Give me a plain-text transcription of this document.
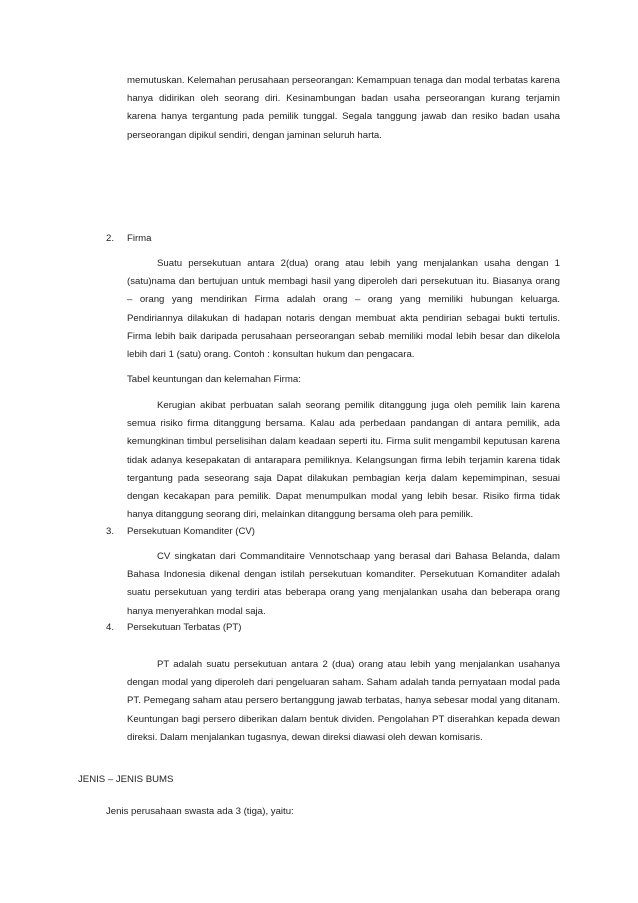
memutuskan. Kelemahan perusahaan perseorangan: Kemampuan tenaga dan modal terbatas karena hanya didirikan oleh seorang diri. Kesinambungan badan usaha perseorangan kurang terjamin karena hanya tergantung pada pemilik tunggal. Segala tanggung jawab dan resiko badan usaha perseorangan dipikul sendiri, dengan jaminan seluruh harta.

2. Firma

Suatu persekutuan antara 2(dua) orang atau lebih yang menjalankan usaha dengan 1 (satu)nama dan bertujuan untuk membagi hasil yang diperoleh dari persekutuan itu. Biasanya orang – orang yang mendirikan Firma adalah orang – orang yang memiliki hubungan keluarga. Pendiriannya dilakukan di hadapan notaris dengan membuat akta pendirian sebagai bukti tertulis. Firma lebih baik daripada perusahaan perseorangan sebab memiliki modal lebih besar dan dikelola lebih dari 1 (satu) orang. Contoh : konsultan hukum dan pengacara.

Tabel keuntungan dan kelemahan Firma:

Kerugian akibat perbuatan salah seorang pemilik ditanggung juga oleh pemilik lain karena semua risiko firma ditanggung bersama. Kalau ada perbedaan pandangan di antara pemilik, ada kemungkinan timbul perselisihan dalam keadaan seperti itu. Firma sulit mengambil keputusan karena tidak adanya kesepakatan di antarapara pemiliknya. Kelangsungan firma lebih terjamin karena tidak tergantung pada seseorang saja Dapat dilakukan pembagian kerja dalam kepemimpinan, sesuai dengan kecakapan para pemilik. Dapat menumpulkan modal yang lebih besar. Risiko firma tidak hanya ditanggung seorang diri, melainkan ditanggung bersama oleh para pemilik.

3. Persekutuan Komanditer (CV)

CV singkatan dari Commanditaire Vennotschaap yang berasal dari Bahasa Belanda, dalam Bahasa Indonesia dikenal dengan istilah persekutuan komanditer. Persekutuan Komanditer adalah suatu persekutuan yang terdiri atas beberapa orang yang menjalankan usaha dan beberapa orang hanya menyerahkan modal saja.

4. Persekutuan Terbatas (PT)

PT adalah suatu persekutuan antara 2 (dua) orang atau lebih yang menjalankan usahanya dengan modal yang diperoleh dari pengeluaran saham. Saham adalah tanda pernyataan modal pada PT. Pemegang saham atau persero bertanggung jawab terbatas, hanya sebesar modal yang ditanam. Keuntungan bagi persero diberikan dalam bentuk dividen. Pengolahan PT diserahkan kepada dewan direksi. Dalam menjalankan tugasnya, dewan direksi diawasi oleh dewan komisaris.

JENIS – JENIS BUMS

Jenis perusahaan swasta ada 3 (tiga), yaitu:
